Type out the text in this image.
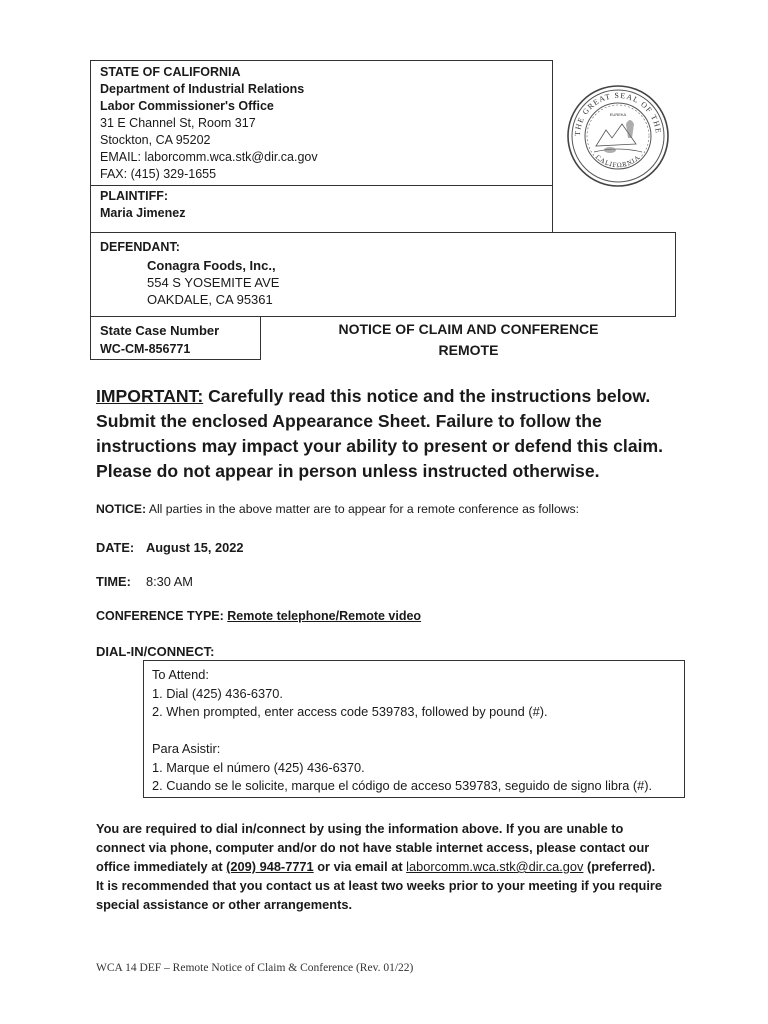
STATE OF CALIFORNIA
Department of Industrial Relations
Labor Commissioner's Office
31 E Channel St, Room 317
Stockton, CA 95202
EMAIL: laborcomm.wca.stk@dir.ca.gov
FAX: (415) 329-1655
PLAINTIFF:
Maria Jimenez
DEFENDANT:
Conagra Foods, Inc.,
554 S YOSEMITE AVE
OAKDALE, CA 95361
State Case Number
WC-CM-856771
NOTICE OF CLAIM AND CONFERENCE
REMOTE
THE GREAT SEAL OF THE
CALIFORNIA
EUREKA
IMPORTANT: Carefully read this notice and the instructions below.
Submit the enclosed Appearance Sheet. Failure to follow the
instructions may impact your ability to present or defend this claim.
Please do not appear in person unless instructed otherwise.
NOTICE: All parties in the above matter are to appear for a remote conference as follows:
DATE: August 15, 2022
TIME: 8:30 AM
CONFERENCE TYPE: Remote telephone/Remote video
DIAL-IN/CONNECT:
To Attend:
1. Dial (425) 436-6370.
2. When prompted, enter access code 539783, followed by pound (#).

Para Asistir:
1. Marque el número (425) 436-6370.
2. Cuando se le solicite, marque el código de acceso 539783, seguido de signo libra (#).
You are required to dial in/connect by using the information above. If you are unable to
connect via phone, computer and/or do not have stable internet access, please contact our
office immediately at (209) 948-7771 or via email at laborcomm.wca.stk@dir.ca.gov (preferred).
It is recommended that you contact us at least two weeks prior to your meeting if you require
special assistance or other arrangements.
WCA 14 DEF – Remote Notice of Claim & Conference (Rev. 01/22)
